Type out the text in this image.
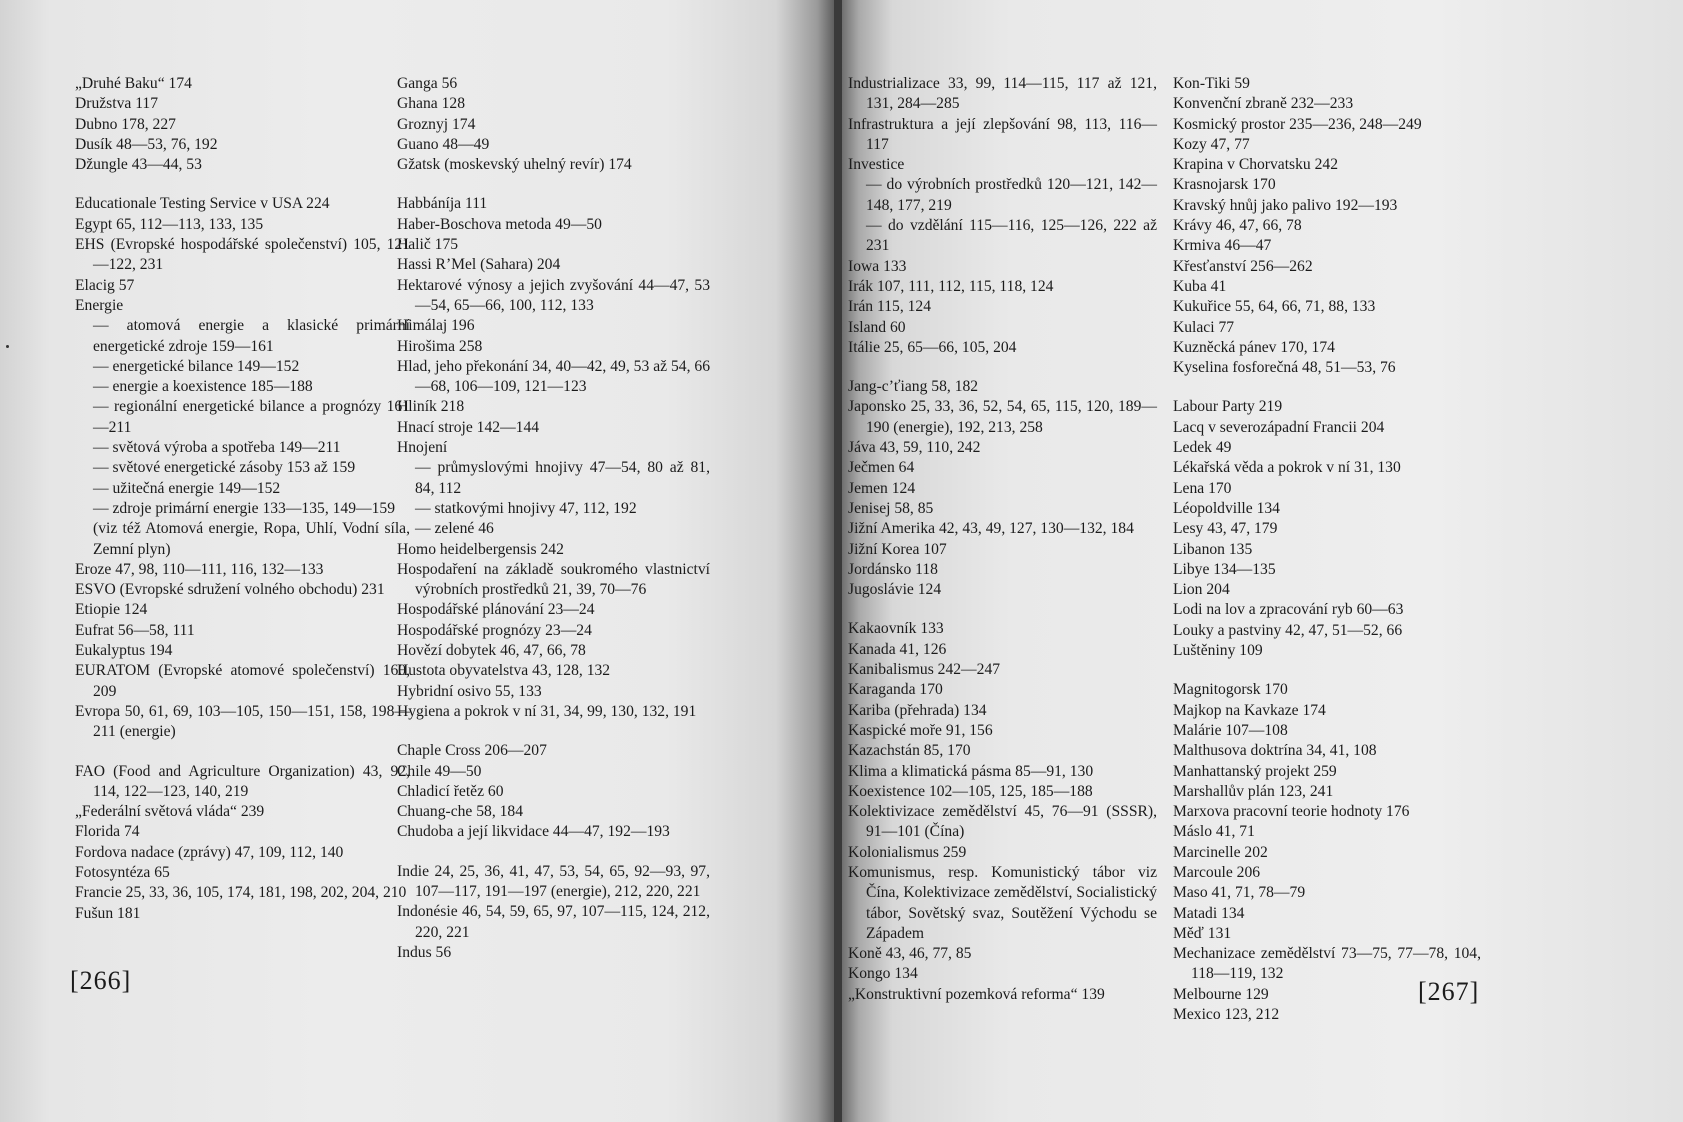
„Druhé Baku“ 174

Družstva 117

Dubno 178, 227

Dusík 48—53, 76, 192

Džungle 43—44, 53

Educationale Testing Service v USA 224

Egypt 65, 112—113, 133, 135

EHS (Evropské hospodářské společenství) 105, 121—122, 231

Elacig 57

Energie

— atomová energie a klasické primární energetické zdroje 159—161

— energetické bilance 149—152

— energie a koexistence 185—188

— regionální energetické bilance a prognózy 161—211

— světová výroba a spotřeba 149—211

— světové energetické zásoby 153 až 159

— užitečná energie 149—152

— zdroje primární energie 133—135, 149—159

(viz též Atomová energie, Ropa, Uhlí, Vodní síla, Zemní plyn)

Eroze 47, 98, 110—111, 116, 132—133

ESVO (Evropské sdružení volného obchodu) 231

Etiopie 124

Eufrat 56—58, 111

Eukalyptus 194

EURATOM (Evropské atomové společenství) 160, 209

Evropa 50, 61, 69, 103—105, 150—151, 158, 198—211 (energie)

FAO (Food and Agriculture Organization) 43, 92, 114, 122—123, 140, 219

„Federální světová vláda“ 239

Florida 74

Fordova nadace (zprávy) 47, 109, 112, 140

Fotosyntéza 65

Francie 25, 33, 36, 105, 174, 181, 198, 202, 204, 210

Fušun 181

Ganga 56

Ghana 128

Groznyj 174

Guano 48—49

Gžatsk (moskevský uhelný revír) 174

Habbáníja 111

Haber-Boschova metoda 49—50

Halič 175

Hassi R’Mel (Sahara) 204

Hektarové výnosy a jejich zvyšování 44—47, 53—54, 65—66, 100, 112, 133

Himálaj 196

Hirošima 258

Hlad, jeho překonání 34, 40—42, 49, 53 až 54, 66—68, 106—109, 121—123

Hliník 218

Hnací stroje 142—144

Hnojení

— průmyslovými hnojivy 47—54, 80 až 81, 84, 112

— statkovými hnojivy 47, 112, 192

— zelené 46

Homo heidelbergensis 242

Hospodaření na základě soukromého vlastnictví výrobních prostředků 21, 39, 70—76

Hospodářské plánování 23—24

Hospodářské prognózy 23—24

Hovězí dobytek 46, 47, 66, 78

Hustota obyvatelstva 43, 128, 132

Hybridní osivo 55, 133

Hygiena a pokrok v ní 31, 34, 99, 130, 132, 191

Chaple Cross 206—207

Chile 49—50

Chladicí řetěz 60

Chuang-che 58, 184

Chudoba a její likvidace 44—47, 192—193

Indie 24, 25, 36, 41, 47, 53, 54, 65, 92—93, 97, 107—117, 191—197 (energie), 212, 220, 221

Indonésie 46, 54, 59, 65, 97, 107—115, 124, 212, 220, 221

Indus 56

[266]

Industrializace 33, 99, 114—115, 117 až 121, 131, 284—285

Infrastruktura a její zlepšování 98, 113, 116—117

Investice

— do výrobních prostředků 120—121, 142—148, 177, 219

— do vzdělání 115—116, 125—126, 222 až 231

Iowa 133

Irák 107, 111, 112, 115, 118, 124

Irán 115, 124

Island 60

Itálie 25, 65—66, 105, 204

Jang-c’ťiang 58, 182

Japonsko 25, 33, 36, 52, 54, 65, 115, 120, 189—190 (energie), 192, 213, 258

Jáva 43, 59, 110, 242

Ječmen 64

Jemen 124

Jenisej 58, 85

Jižní Amerika 42, 43, 49, 127, 130—132, 184

Jižní Korea 107

Jordánsko 118

Jugoslávie 124

Kakaovník 133

Kanada 41, 126

Kanibalismus 242—247

Karaganda 170

Kariba (přehrada) 134

Kaspické moře 91, 156

Kazachstán 85, 170

Klima a klimatická pásma 85—91, 130

Koexistence 102—105, 125, 185—188

Kolektivizace zemědělství 45, 76—91 (SSSR), 91—101 (Čína)

Kolonialismus 259

Komunismus, resp. Komunistický tábor viz Čína, Kolektivizace zemědělství, Socialistický tábor, Sovětský svaz, Soutěžení Východu se Západem

Koně 43, 46, 77, 85

Kongo 134

„Konstruktivní pozemková reforma“ 139

Kon-Tiki 59

Konvenční zbraně 232—233

Kosmický prostor 235—236, 248—249

Kozy 47, 77

Krapina v Chorvatsku 242

Krasnojarsk 170

Kravský hnůj jako palivo 192—193

Krávy 46, 47, 66, 78

Krmiva 46—47

Křesťanství 256—262

Kuba 41

Kukuřice 55, 64, 66, 71, 88, 133

Kulaci 77

Kuzněcká pánev 170, 174

Kyselina fosforečná 48, 51—53, 76

Labour Party 219

Lacq v severozápadní Francii 204

Ledek 49

Lékařská věda a pokrok v ní 31, 130

Lena 170

Léopoldville 134

Lesy 43, 47, 179

Libanon 135

Libye 134—135

Lion 204

Lodi na lov a zpracování ryb 60—63

Louky a pastviny 42, 47, 51—52, 66

Luštěniny 109

Magnitogorsk 170

Majkop na Kavkaze 174

Malárie 107—108

Malthusova doktrína 34, 41, 108

Manhattanský projekt 259

Marshallův plán 123, 241

Marxova pracovní teorie hodnoty 176

Máslo 41, 71

Marcinelle 202

Marcoule 206

Maso 41, 71, 78—79

Matadi 134

Měď 131

Mechanizace zemědělství 73—75, 77—78, 104, 118—119, 132

Melbourne 129

Mexico 123, 212

[267]
